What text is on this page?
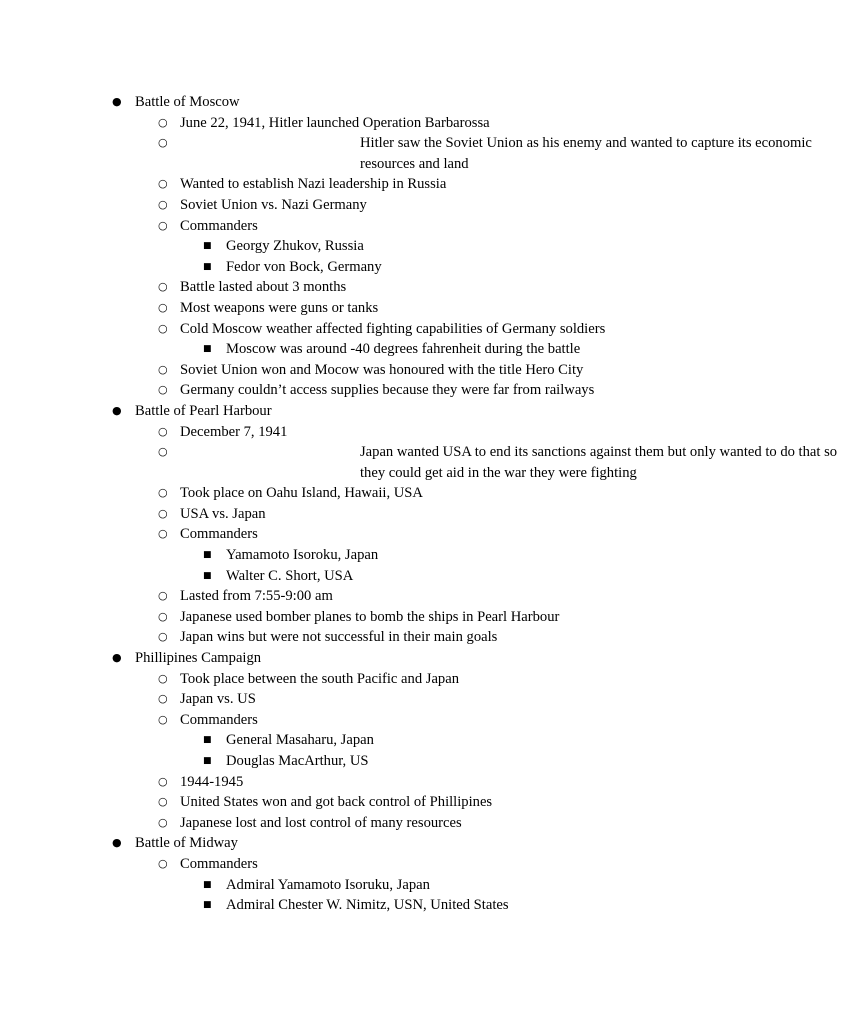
● Battle of Moscow
○ June 22, 1941, Hitler launched Operation Barbarossa
○	Hitler saw the Soviet Union as his enemy and wanted to capture its economic resources and land
○ Wanted to establish Nazi leadership in Russia
○ Soviet Union vs. Nazi Germany
○ Commanders
■ Georgy Zhukov, Russia
■ Fedor von Bock, Germany
○ Battle lasted about 3 months
○ Most weapons were guns or tanks
○ Cold Moscow weather affected fighting capabilities of Germany soldiers
■ Moscow was around -40 degrees fahrenheit during the battle
○ Soviet Union won and Mocow was honoured with the title Hero City
○ Germany couldn’t access supplies because they were far from railways
● Battle of Pearl Harbour
○ December 7, 1941
○	Japan wanted USA to end its sanctions against them but only wanted to do that so they could get aid in the war they were fighting
○ Took place on Oahu Island, Hawaii, USA
○ USA vs. Japan
○ Commanders
■ Yamamoto Isoroku, Japan
■ Walter C. Short, USA
○ Lasted from 7:55-9:00 am
○ Japanese used bomber planes to bomb the ships in Pearl Harbour
○ Japan wins but were not successful in their main goals
● Phillipines Campaign
○ Took place between the south Pacific and Japan
○ Japan vs. US
○ Commanders
■ General Masaharu, Japan
■ Douglas MacArthur, US
○ 1944-1945
○ United States won and got back control of Phillipines
○ Japanese lost and lost control of many resources
● Battle of Midway
○ Commanders
■ Admiral Yamamoto Isoruku, Japan
■ Admiral Chester W. Nimitz, USN, United States
